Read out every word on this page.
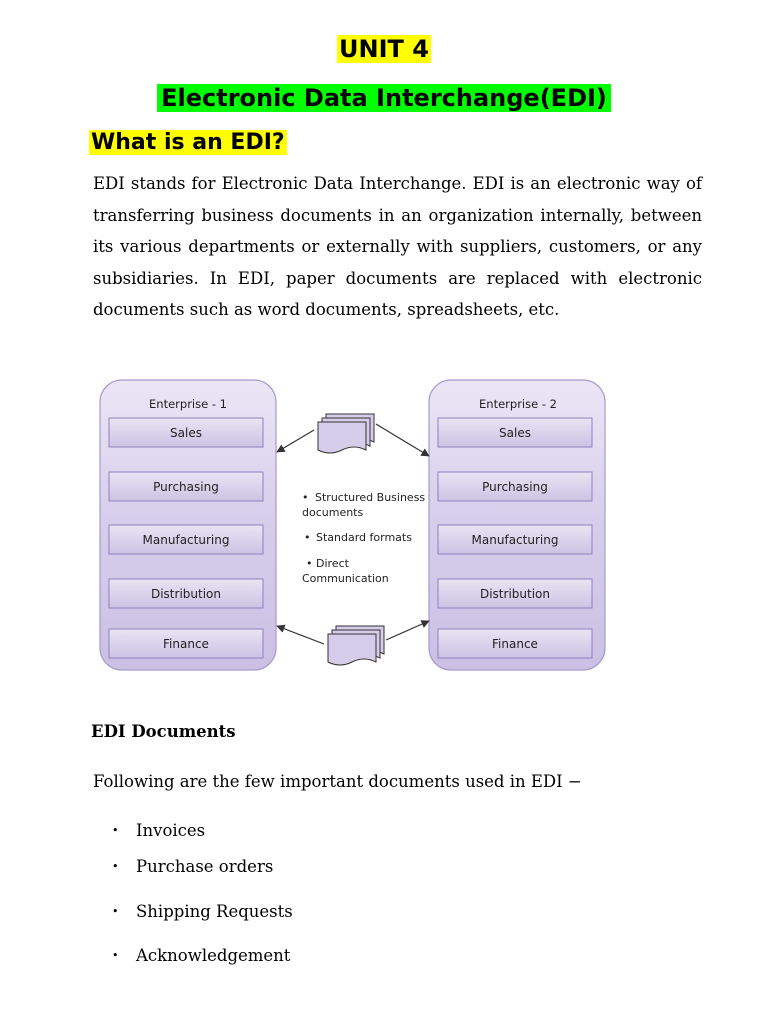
UNIT 4
Electronic Data Interchange(EDI)
What is an EDI?

EDI stands for Electronic Data Interchange. EDI is an electronic way of transferring business documents in an organization internally, between its various departments or externally with suppliers, customers, or any subsidiaries. In EDI, paper documents are replaced with electronic documents such as word documents, spreadsheets, etc.

Enterprise - 1
Sales
Purchasing
Manufacturing
Distribution
Finance
Enterprise - 2
Sales
Purchasing
Manufacturing
Distribution
Finance
• Structured Business
documents
• Standard formats
• Direct
Communication

EDI Documents

Following are the few important documents used in EDI −

• Invoices
• Purchase orders
• Shipping Requests
• Acknowledgement
